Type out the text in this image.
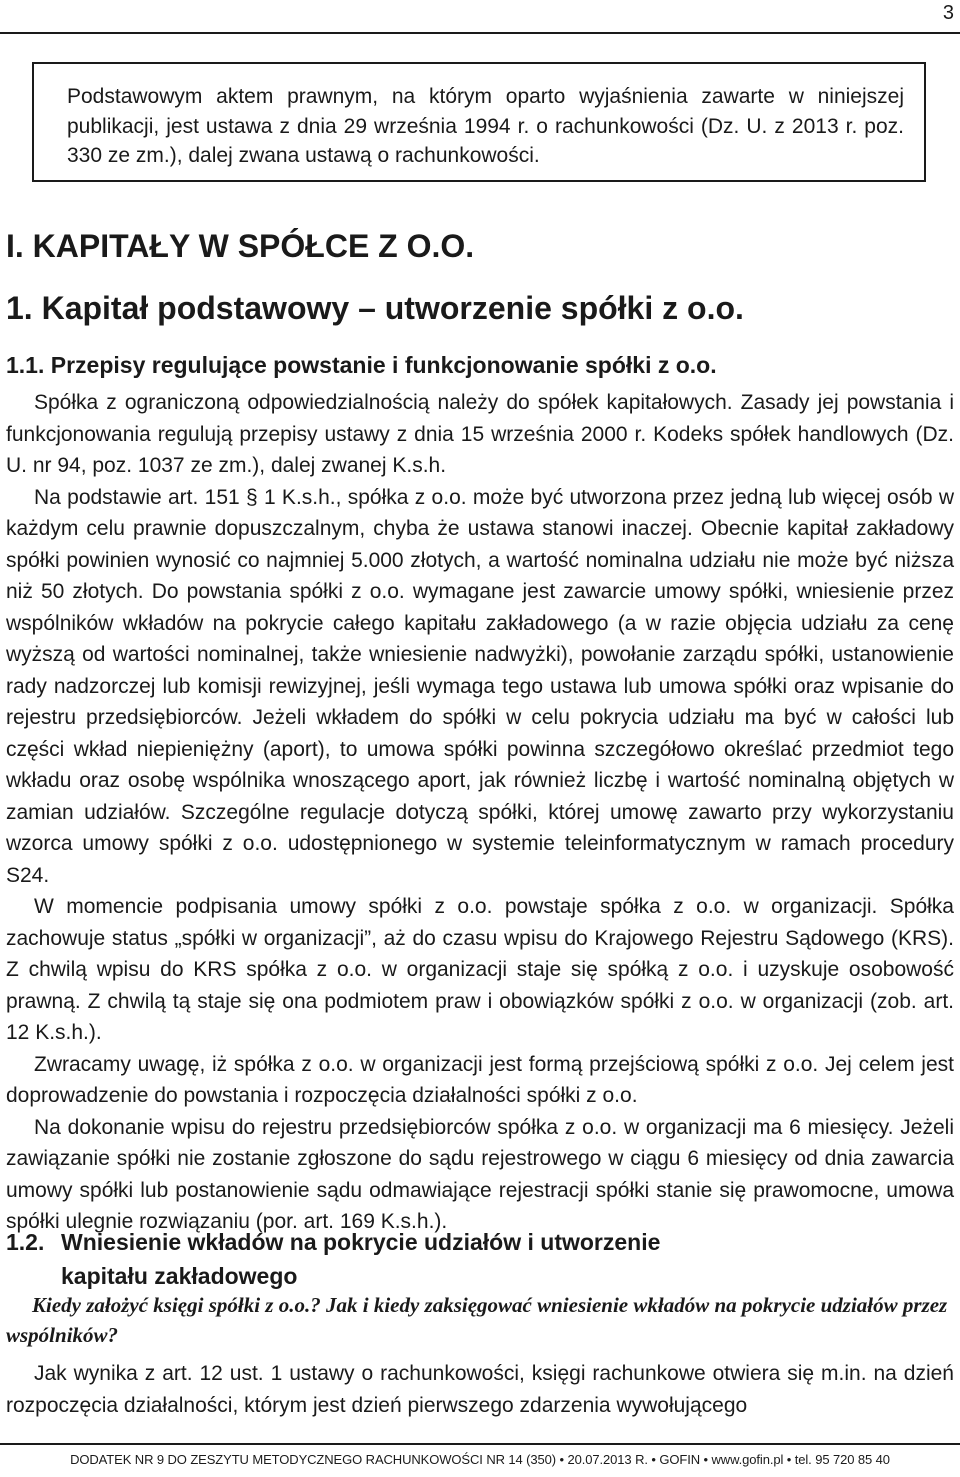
3
Podstawowym aktem prawnym, na którym oparto wyjaśnienia zawarte w niniejszej publikacji, jest ustawa z dnia 29 września 1994 r. o rachunkowości (Dz. U. z 2013 r. poz. 330 ze zm.), dalej zwana ustawą o rachunkowości.
I. KAPITAŁY W SPÓŁCE Z O.O.
1. Kapitał podstawowy – utworzenie spółki z o.o.
1.1. Przepisy regulujące powstanie i funkcjonowanie spółki z o.o.

Spółka z ograniczoną odpowiedzialnością należy do spółek kapitałowych. Zasady jej powstania i funkcjonowania regulują przepisy ustawy z dnia 15 września 2000 r. Kodeks spółek handlowych (Dz. U. nr 94, poz. 1037 ze zm.), dalej zwanej K.s.h.

Na podstawie art. 151 § 1 K.s.h., spółka z o.o. może być utworzona przez jedną lub więcej osób w każdym celu prawnie dopuszczalnym, chyba że ustawa stanowi inaczej. Obecnie kapitał zakładowy spółki powinien wynosić co najmniej 5.000 złotych, a wartość nominalna udziału nie może być niższa niż 50 złotych. Do powstania spółki z o.o. wymagane jest zawarcie umowy spółki, wniesienie przez wspólników wkładów na pokrycie całego kapitału zakładowego (a w razie objęcia udziału za cenę wyższą od wartości nominalnej, także wniesienie nadwyżki), powołanie zarządu spółki, ustanowienie rady nadzorczej lub komisji rewizyjnej, jeśli wymaga tego ustawa lub umowa spółki oraz wpisanie do rejestru przedsiębiorców. Jeżeli wkładem do spółki w celu pokrycia udziału ma być w całości lub części wkład niepieniężny (aport), to umowa spółki powinna szczegółowo określać przedmiot tego wkładu oraz osobę wspólnika wnoszącego aport, jak również liczbę i wartość nominalną objętych w zamian udziałów. Szczególne regulacje dotyczą spółki, której umowę zawarto przy wykorzystaniu wzorca umowy spółki z o.o. udostępnionego w systemie teleinformatycznym w ramach procedury S24.

W momencie podpisania umowy spółki z o.o. powstaje spółka z o.o. w organizacji. Spółka zachowuje status „spółki w organizacji”, aż do czasu wpisu do Krajowego Rejestru Sądowego (KRS). Z chwilą wpisu do KRS spółka z o.o. w organizacji staje się spółką z o.o. i uzyskuje osobowość prawną. Z chwilą tą staje się ona podmiotem praw i obowiązków spółki z o.o. w organizacji (zob. art. 12 K.s.h.).

Zwracamy uwagę, iż spółka z o.o. w organizacji jest formą przejściową spółki z o.o. Jej celem jest doprowadzenie do powstania i rozpoczęcia działalności spółki z o.o.

Na dokonanie wpisu do rejestru przedsiębiorców spółka z o.o. w organizacji ma 6 miesięcy. Jeżeli zawiązanie spółki nie zostanie zgłoszone do sądu rejestrowego w ciągu 6 miesięcy od dnia zawarcia umowy spółki lub postanowienie sądu odmawiające rejestracji spółki stanie się prawomocne, umowa spółki ulegnie rozwiązaniu (por. art. 169 K.s.h.).

1.2. Wniesienie wkładów na pokrycie udziałów i utworzenie
kapitału zakładowego

Kiedy założyć księgi spółki z o.o.? Jak i kiedy zaksięgować wniesienie wkładów na pokrycie udziałów przez wspólników?

Jak wynika z art. 12 ust. 1 ustawy o rachunkowości, księgi rachunkowe otwiera się m.in. na dzień rozpoczęcia działalności, którym jest dzień pierwszego zdarzenia wywołującego

DODATEK NR 9 DO ZESZYTU METODYCZNEGO RACHUNKOWOŚCI NR 14 (350) • 20.07.2013 R. • GOFIN • www.gofin.pl • tel. 95 720 85 40
